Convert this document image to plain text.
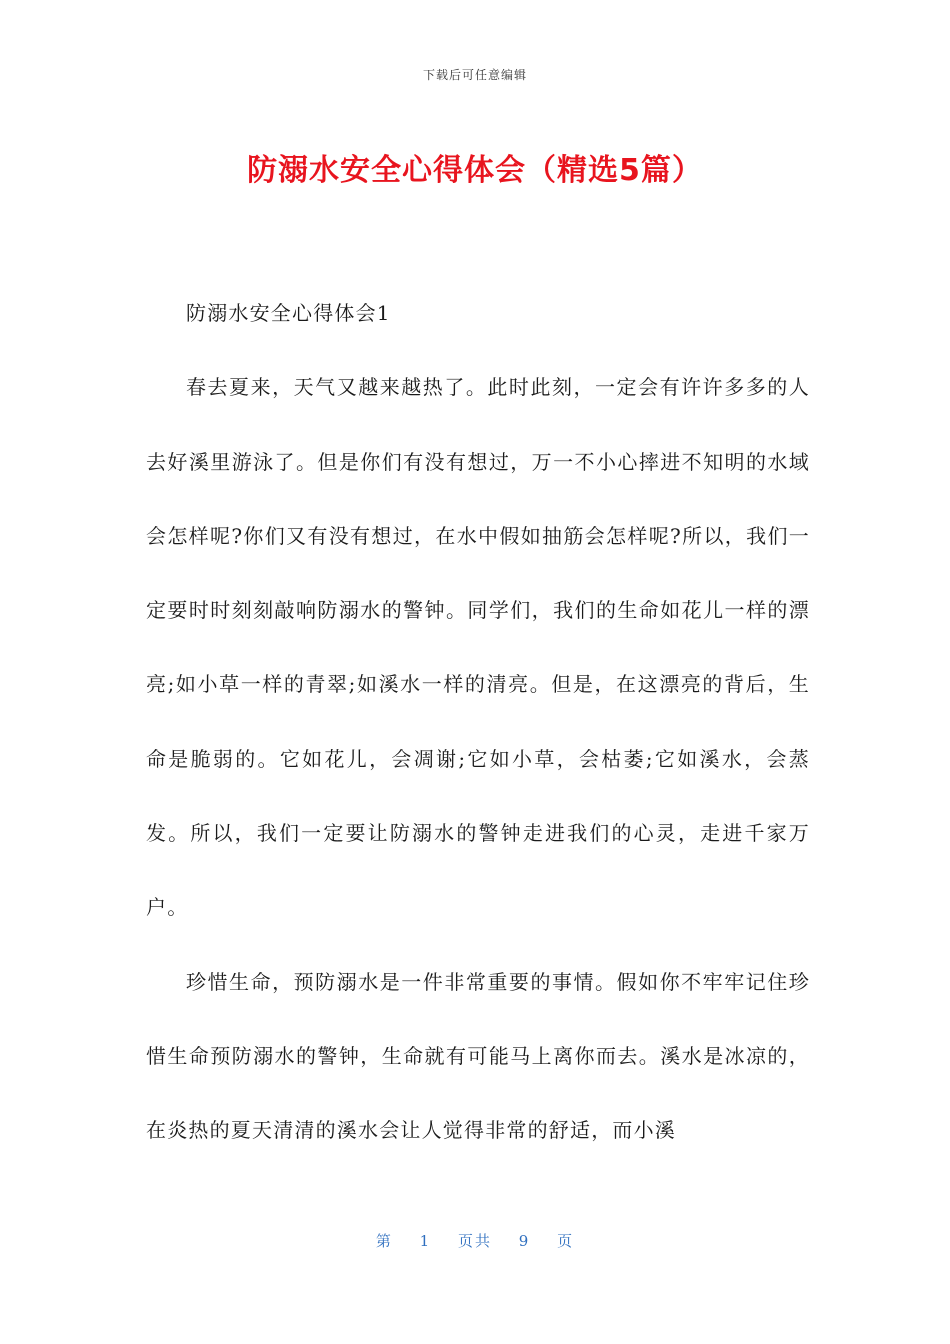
下载后可任意编辑
防溺水安全心得体会（精选5篇）

防溺水安全心得体会1

春去夏来，天气又越来越热了。此时此刻，一定会有许许多多的人去好溪里游泳了。但是你们有没有想过，万一不小心摔进不知明的水域会怎样呢?你们又有没有想过，在水中假如抽筋会怎样呢?所以，我们一定要时时刻刻敲响防溺水的警钟。同学们，我们的生命如花儿一样的漂亮;如小草一样的青翠;如溪水一样的清亮。但是，在这漂亮的背后，生命是脆弱的。它如花儿，会凋谢;它如小草，会枯萎;它如溪水，会蒸发。所以，我们一定要让防溺水的警钟走进我们的心灵，走进千家万户。

珍惜生命，预防溺水是一件非常重要的事情。假如你不牢牢记住珍惜生命预防溺水的警钟，生命就有可能马上离你而去。溪水是冰凉的，在炎热的夏天清清的溪水会让人觉得非常的舒适，而小溪

第 1 页共 9 页
